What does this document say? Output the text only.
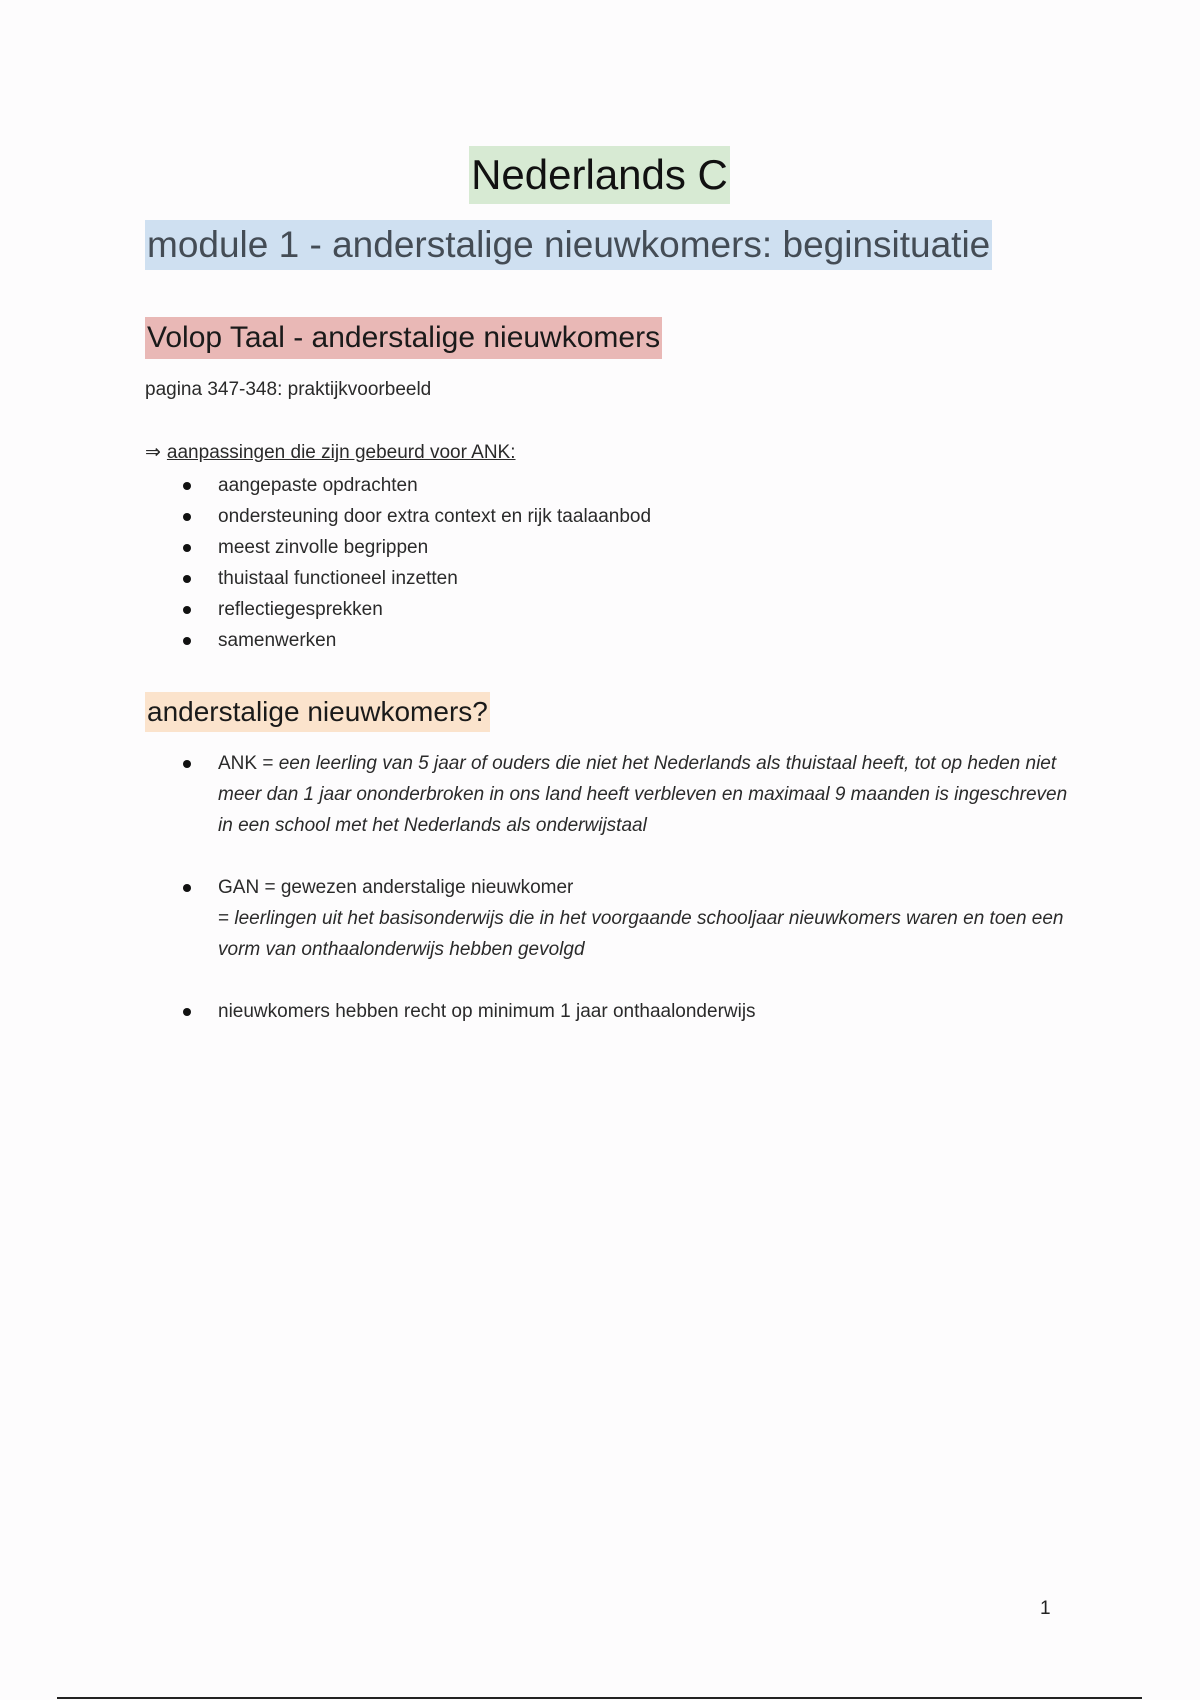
Nederlands C
module 1 - anderstalige nieuwkomers: beginsituatie
Volop Taal - anderstalige nieuwkomers
pagina 347-348: praktijkvoorbeeld
⇒ aanpassingen die zijn gebeurd voor ANK:
aangepaste opdrachten
ondersteuning door extra context en rijk taalaanbod
meest zinvolle begrippen
thuistaal functioneel inzetten
reflectiegesprekken
samenwerken
anderstalige nieuwkomers?
ANK = een leerling van 5 jaar of ouders die niet het Nederlands als thuistaal heeft, tot op heden niet meer dan 1 jaar ononderbroken in ons land heeft verbleven en maximaal 9 maanden is ingeschreven in een school met het Nederlands als onderwijstaal
GAN = gewezen anderstalige nieuwkomer
= leerlingen uit het basisonderwijs die in het voorgaande schooljaar nieuwkomers waren en toen een vorm van onthaalonderwijs hebben gevolgd
nieuwkomers hebben recht op minimum 1 jaar onthaalonderwijs
1
